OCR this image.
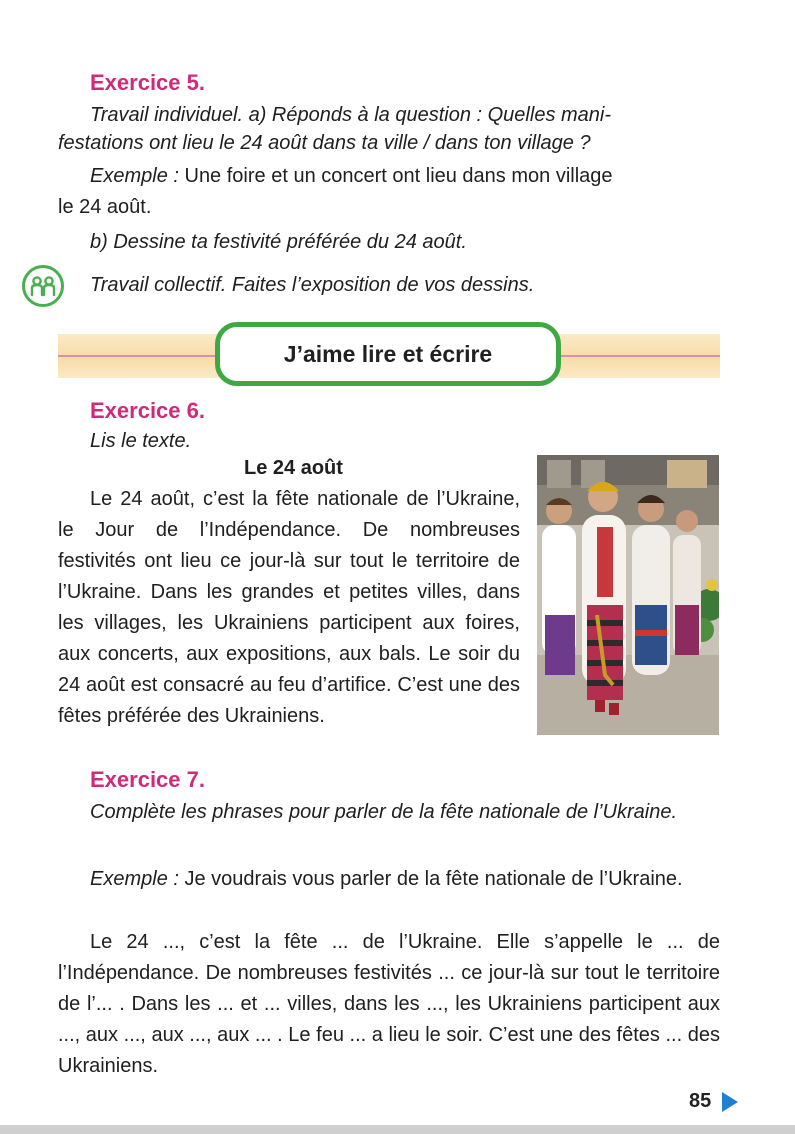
Exercice 5.
Travail individuel. a) Réponds à la question : Quelles mani-
festations ont lieu le 24 août dans ta ville / dans ton village ?
Exemple : Une foire et un concert ont lieu dans mon village
le 24 août.
b) Dessine ta festivité préférée du 24 août.
Travail collectif. Faites l’exposition de vos dessins.
J’aime lire et écrire
Exercice 6.
Lis le texte.
Le 24 août

Le 24 août, c’est la fête nationale de l’Ukraine, le Jour de l’Indépendance. De nombreuses festivités ont lieu ce jour-là sur tout le territoire de l’Ukraine. Dans les grandes et petites villes, dans les villages, les Ukrainiens participent aux foires, aux concerts, aux expositions, aux bals. Le soir du 24 août est consacré au feu d’artifice. C’est une des fêtes préférée des Ukrainiens.

Exercice 7.

Complète les phrases pour parler de la fête nationale de l’Ukraine.

Exemple : Je voudrais vous parler de la fête nationale de l’Ukraine.

Le 24 ..., c’est la fête ... de l’Ukraine. Elle s’appelle le ... de l’Indépendance. De nombreuses festivités ... ce jour-là sur tout le territoire de l’... . Dans les ... et ... villes, dans les ..., les Ukrainiens participent aux ..., aux ..., aux ..., aux ... . Le feu ... a lieu le soir. C’est une des fêtes ... des Ukrainiens.

85
